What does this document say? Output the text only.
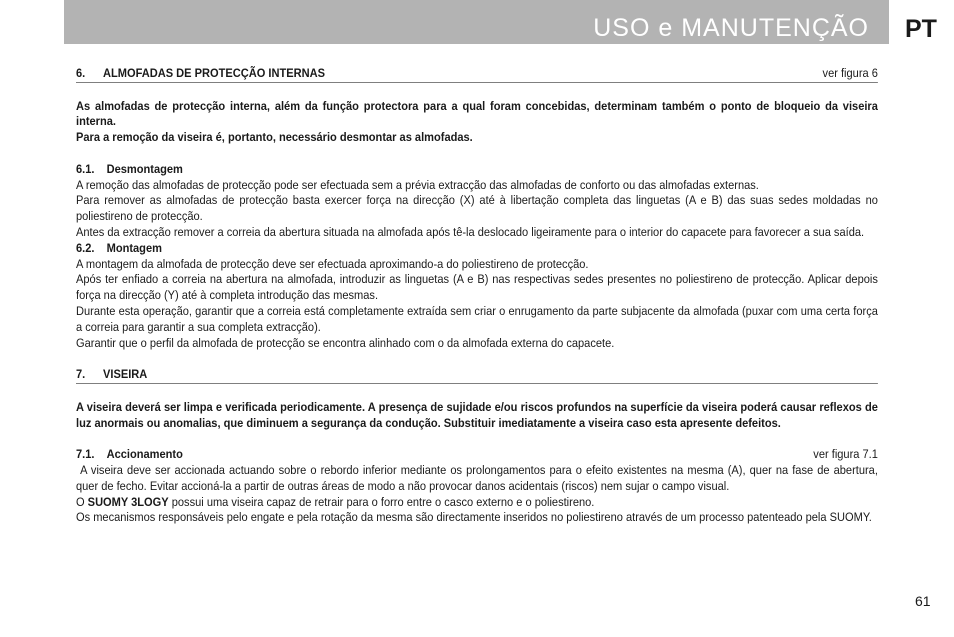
USO e MANUTENÇÃO PT
6. ALMOFADAS DE PROTECÇÃO INTERNAS	ver figura 6

As almofadas de protecção interna, além da função protectora para a qual foram concebidas, determinam também o ponto de bloqueio da viseira interna.

Para a remoção da viseira é, portanto, necessário desmontar as almofadas.

6.1. Desmontagem

A remoção das almofadas de protecção pode ser efectuada sem a prévia extracção das almofadas de conforto ou das almofadas externas.

Para remover as almofadas de protecção basta exercer força na direcção (X) até à libertação completa das linguetas (A e B) das suas sedes moldadas no poliestireno de protecção.

Antes da extracção remover a correia da abertura situada na almofada após tê-la deslocado ligeiramente para o interior do capacete para favorecer a sua saída.

6.2. Montagem

A montagem da almofada de protecção deve ser efectuada aproximando-a do poliestireno de protecção.

Após ter enfiado a correia na abertura na almofada, introduzir as linguetas (A e B) nas respectivas sedes presentes no poliestireno de protecção. Aplicar depois força na direcção (Y) até à completa introdução das mesmas.

Durante esta operação, garantir que a correia está completamente extraída sem criar o enrugamento da parte subjacente da almofada (puxar com uma certa força a correia para garantir a sua completa extracção).

Garantir que o perfil da almofada de protecção se encontra alinhado com o da almofada externa do capacete.

7. VISEIRA

A viseira deverá ser limpa e verificada periodicamente. A presença de sujidade e/ou riscos profundos na superfície da viseira poderá causar reflexos de luz anormais ou anomalias, que diminuem a segurança da condução. Substituir imediatamente a viseira caso esta apresente defeitos.

7.1. Accionamento	ver figura 7.1

A viseira deve ser accionada actuando sobre o rebordo inferior mediante os prolongamentos para o efeito existentes na mesma (A), quer na fase de abertura, quer de fecho. Evitar accioná-la a partir de outras áreas de modo a não provocar danos acidentais (riscos) nem sujar o campo visual.

O SUOMY 3LOGY possui uma viseira capaz de retrair para o forro entre o casco externo e o poliestireno.

Os mecanismos responsáveis pelo engate e pela rotação da mesma são directamente inseridos no poliestireno através de um processo patenteado pela SUOMY.

61
